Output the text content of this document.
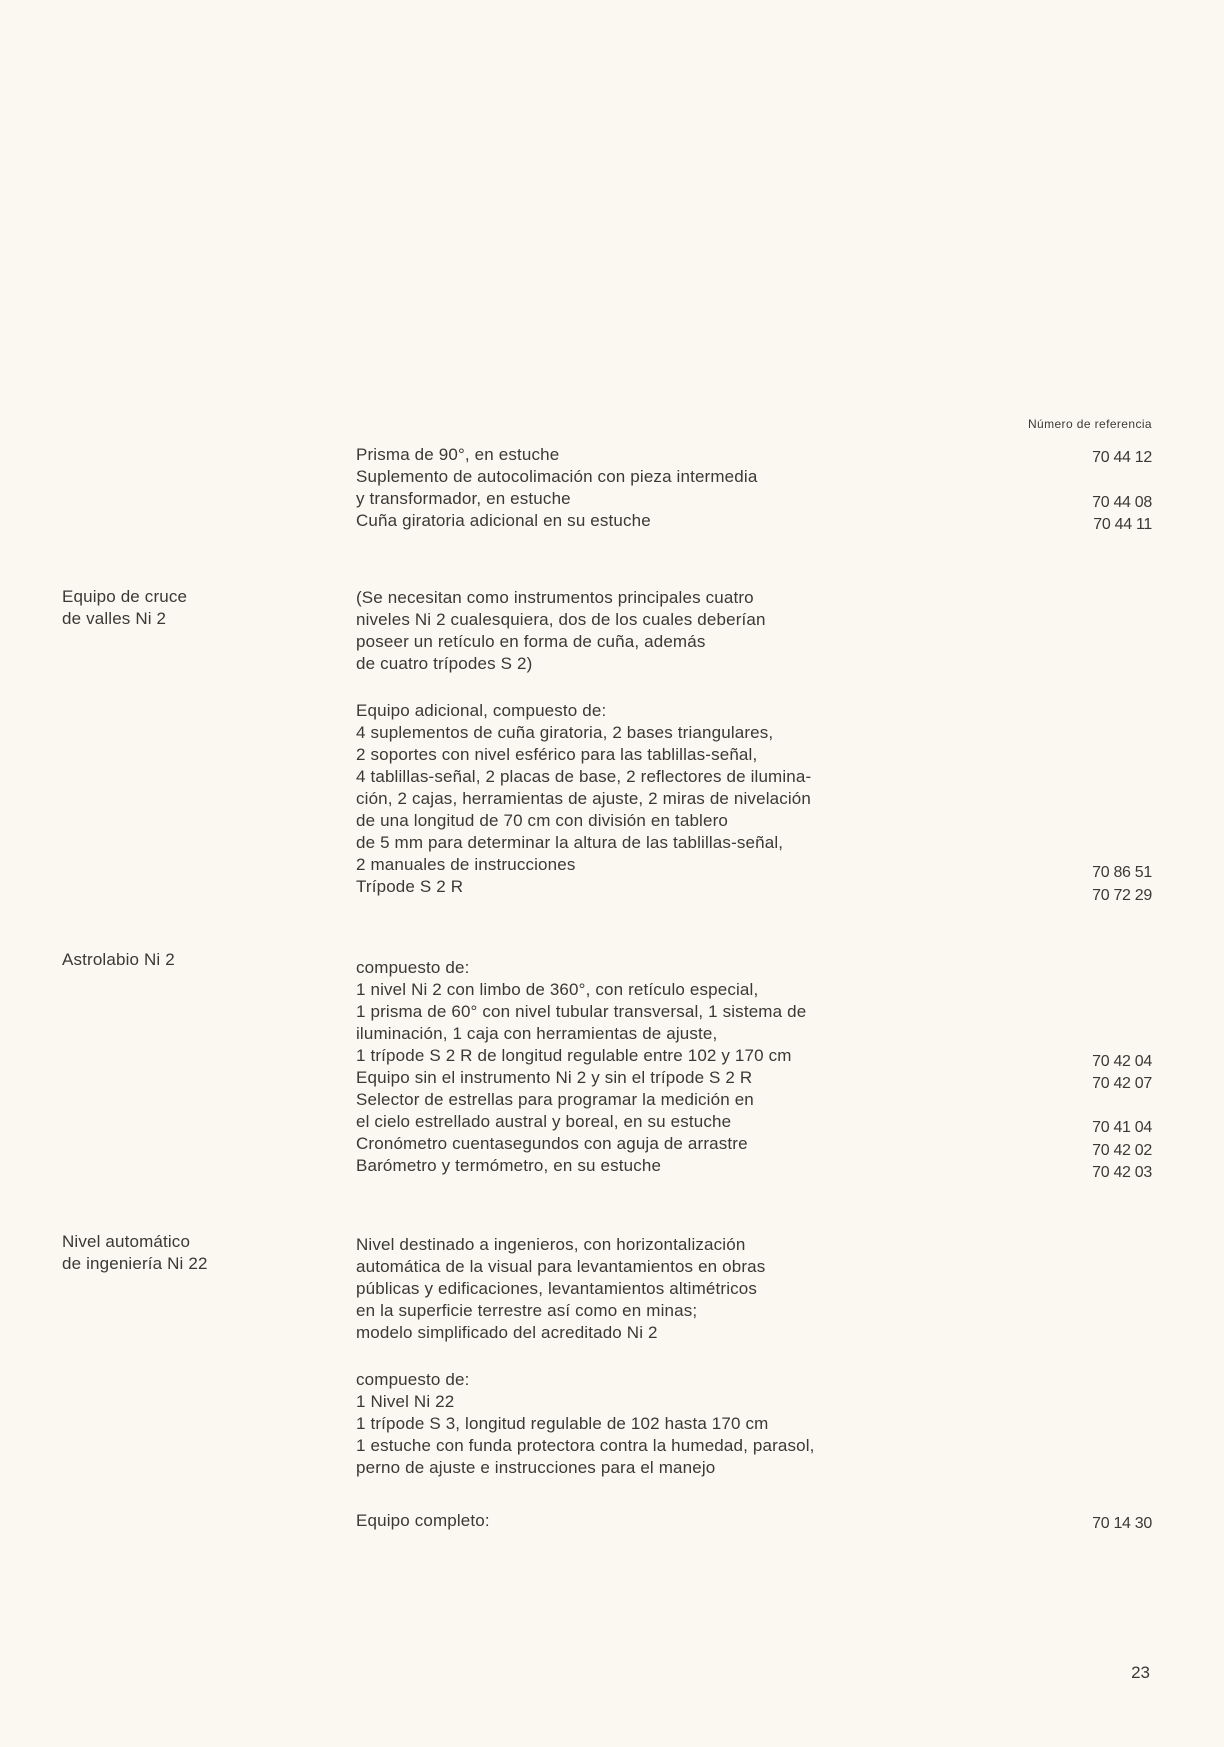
Número de referencia
Prisma de 90°, en estuche
Suplemento de autocolimación con pieza intermedia
y transformador, en estuche
Cuña giratoria adicional en su estuche
70 44 12
70 44 08
70 44 11
Equipo de cruce
de valles Ni 2
(Se necesitan como instrumentos principales cuatro
niveles Ni 2 cualesquiera, dos de los cuales deberían
poseer un retículo en forma de cuña, además
de cuatro trípodes S 2)
Equipo adicional, compuesto de:
4 suplementos de cuña giratoria, 2 bases triangulares,
2 soportes con nivel esférico para las tablillas-señal,
4 tablillas-señal, 2 placas de base, 2 reflectores de ilumina-
ción, 2 cajas, herramientas de ajuste, 2 miras de nivelación
de una longitud de 70 cm con división en tablero
de 5 mm para determinar la altura de las tablillas-señal,
2 manuales de instrucciones
Trípode S 2 R
70 86 51
70 72 29
Astrolabio Ni 2	compuesto de:
1 nivel Ni 2 con limbo de 360°, con retículo especial,
1 prisma de 60° con nivel tubular transversal, 1 sistema de
iluminación, 1 caja con herramientas de ajuste,
1 trípode S 2 R de longitud regulable entre 102 y 170 cm
Equipo sin el instrumento Ni 2 y sin el trípode S 2 R
Selector de estrellas para programar la medición en
el cielo estrellado austral y boreal, en su estuche
Cronómetro cuentasegundos con aguja de arrastre
Barómetro y termómetro, en su estuche
70 42 04
70 42 07
70 41 04
70 42 02
70 42 03
Nivel automático
de ingeniería Ni 22
Nivel destinado a ingenieros, con horizontalización
automática de la visual para levantamientos en obras
públicas y edificaciones, levantamientos altimétricos
en la superficie terrestre así como en minas;
modelo simplificado del acreditado Ni 2
compuesto de:
1 Nivel Ni 22
1 trípode S 3, longitud regulable de 102 hasta 170 cm
1 estuche con funda protectora contra la humedad, parasol,
perno de ajuste e instrucciones para el manejo
Equipo completo:	70 14 30
23
